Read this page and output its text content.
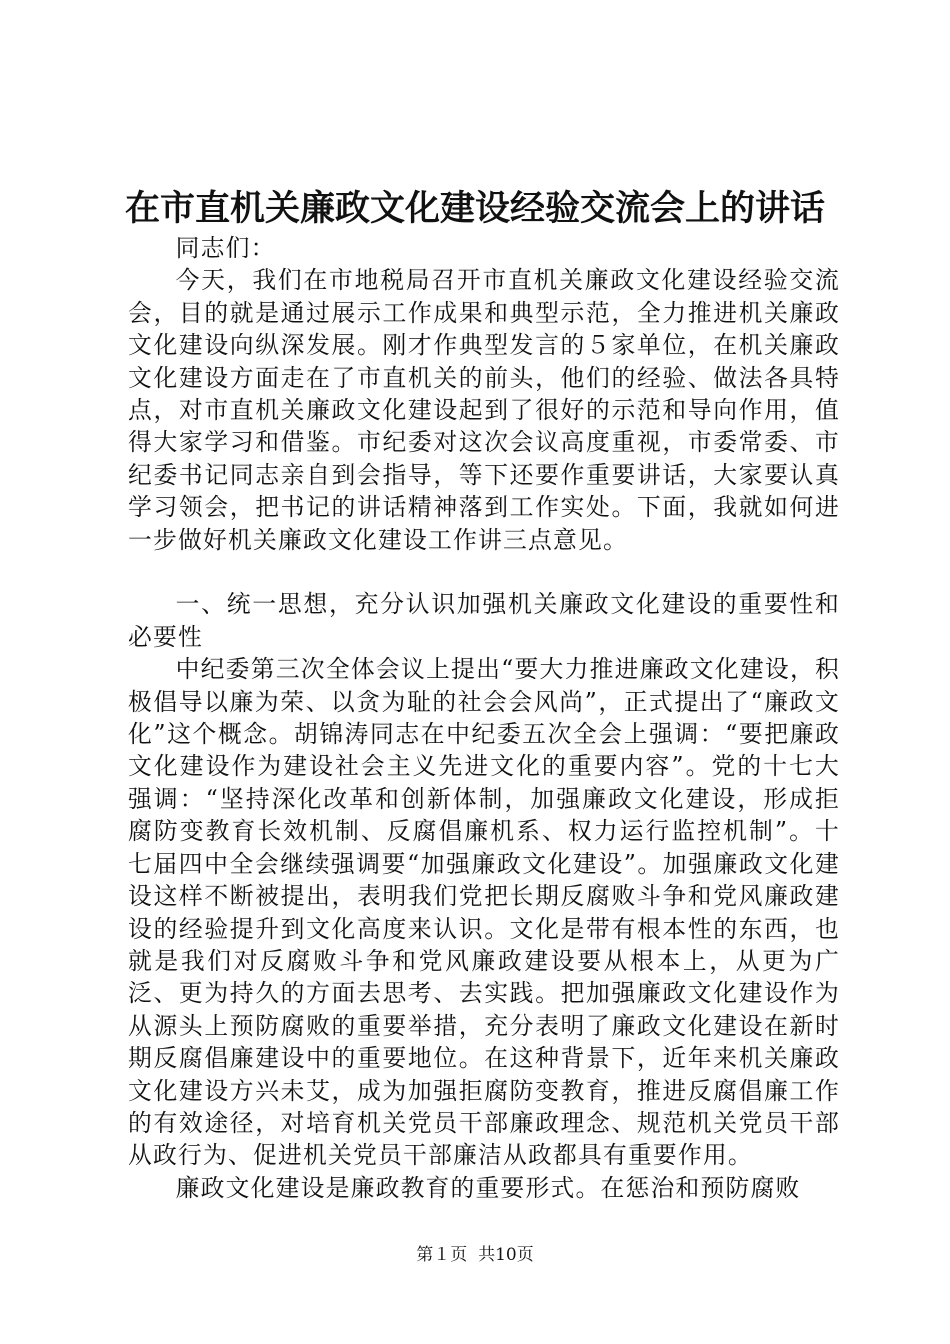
在市直机关廉政文化建设经验交流会上的讲话

同志们：

今天，我们在市地税局召开市直机关廉政文化建设经验交流会，目的就是通过展示工作成果和典型示范，全力推进机关廉政文化建设向纵深发展。刚才作典型发言的５家单位，在机关廉政文化建设方面走在了市直机关的前头，他们的经验、做法各具特点，对市直机关廉政文化建设起到了很好的示范和导向作用，值得大家学习和借鉴。市纪委对这次会议高度重视，市委常委、市纪委书记同志亲自到会指导，等下还要作重要讲话，大家要认真学习领会，把书记的讲话精神落到工作实处。下面，我就如何进一步做好机关廉政文化建设工作讲三点意见。

一、统一思想，充分认识加强机关廉政文化建设的重要性和必要性

中纪委第三次全体会议上提出“要大力推进廉政文化建设，积极倡导以廉为荣、以贪为耻的社会会风尚”，正式提出了“廉政文化”这个概念。胡锦涛同志在中纪委五次全会上强调：“要把廉政文化建设作为建设社会主义先进文化的重要内容”。党的十七大强调：“坚持深化改革和创新体制，加强廉政文化建设，形成拒腐防变教育长效机制、反腐倡廉机系、权力运行监控机制”。十七届四中全会继续强调要“加强廉政文化建设”。加强廉政文化建设这样不断被提出，表明我们党把长期反腐败斗争和党风廉政建设的经验提升到文化高度来认识。文化是带有根本性的东西，也就是我们对反腐败斗争和党风廉政建设要从根本上，从更为广泛、更为持久的方面去思考、去实践。把加强廉政文化建设作为从源头上预防腐败的重要举措，充分表明了廉政文化建设在新时期反腐倡廉建设中的重要地位。在这种背景下，近年来机关廉政文化建设方兴未艾，成为加强拒腐防变教育，推进反腐倡廉工作的有效途径，对培育机关党员干部廉政理念、规范机关党员干部从政行为、促进机关党员干部廉洁从政都具有重要作用。

廉政文化建设是廉政教育的重要形式。在惩治和预防腐败

第１页  共10页
